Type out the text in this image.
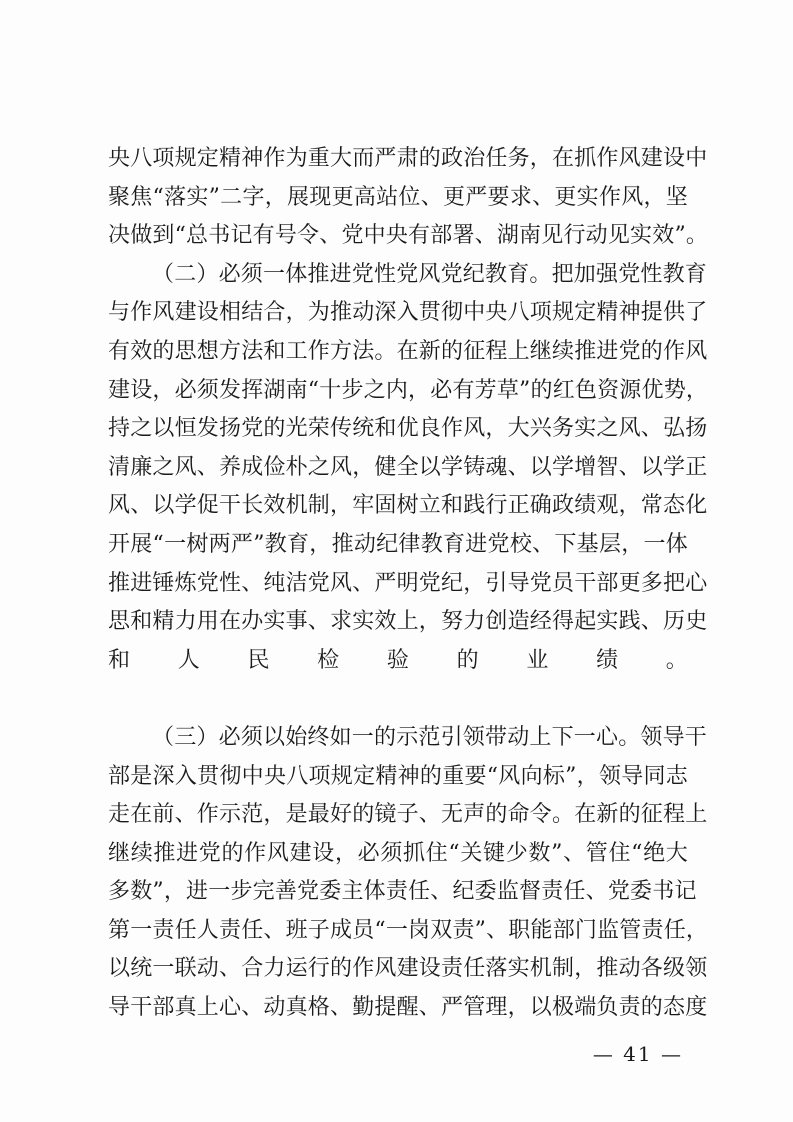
央八项规定精神作为重大而严肃的政治任务，在抓作风建设中
聚焦“落实”二字，展现更高站位、更严要求、更实作风，坚
决做到“总书记有号令、党中央有部署、湖南见行动见实效”。
（二）必须一体推进党性党风党纪教育。把加强党性教育
与作风建设相结合，为推动深入贯彻中央八项规定精神提供了
有效的思想方法和工作方法。在新的征程上继续推进党的作风
建设，必须发挥湖南“十步之内，必有芳草”的红色资源优势，
持之以恒发扬党的光荣传统和优良作风，大兴务实之风、弘扬
清廉之风、养成俭朴之风，健全以学铸魂、以学增智、以学正
风、以学促干长效机制，牢固树立和践行正确政绩观，常态化
开展“一树两严”教育，推动纪律教育进党校、下基层，一体
推进锤炼党性、纯洁党风、严明党纪，引导党员干部更多把心
思和精力用在办实事、求实效上，努力创造经得起实践、历史
和人民检验的业绩。
（三）必须以始终如一的示范引领带动上下一心。领导干
部是深入贯彻中央八项规定精神的重要“风向标”，领导同志
走在前、作示范，是最好的镜子、无声的命令。在新的征程上
继续推进党的作风建设，必须抓住“关键少数”、管住“绝大
多数”，进一步完善党委主体责任、纪委监督责任、党委书记
第一责任人责任、班子成员“一岗双责”、职能部门监管责任，
以统一联动、合力运行的作风建设责任落实机制，推动各级领
导干部真上心、动真格、勤提醒、严管理，以极端负责的态度
— 41 —
